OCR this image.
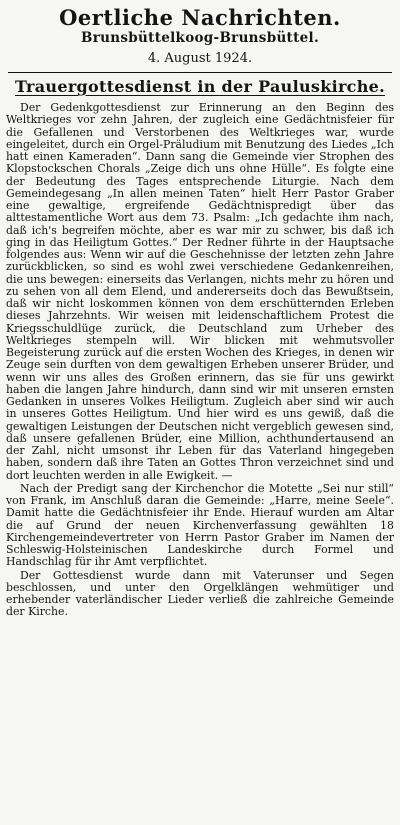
Oertliche Nachrichten.
Brunsbüttelkoog-Brunsbüttel.
4. August 1924.
Trauergottesdienst in der Pauluskirche.

Der Gedenkgottesdienst zur Erinnerung an den Beginn des Weltkrieges vor zehn Jahren, der zugleich eine Gedächtnisfeier für die Gefallenen und Verstorbenen des Weltkrieges war, wurde eingeleitet, durch ein Orgel-Präludium mit Benutzung des Liedes „Ich hatt einen Kameraden“. Dann sang die Gemeinde vier Strophen des Klopstockschen Chorals „Zeige dich uns ohne Hülle“. Es folgte eine der Bedeutung des Tages entsprechende Liturgie. Nach dem Gemeindegesang „In allen meinen Taten“ hielt Herr Pastor Graber eine gewaltige, ergreifende Gedächtnispredigt über das alttestamentliche Wort aus dem 73. Psalm: „Ich gedachte ihm nach, daß ich's begreifen möchte, aber es war mir zu schwer, bis daß ich ging in das Heiligtum Gottes.“ Der Redner führte in der Hauptsache folgendes aus: Wenn wir auf die Geschehnisse der letzten zehn Jahre zurückblicken, so sind es wohl zwei verschiedene Gedankenreihen, die uns bewegen: einerseits das Verlangen, nichts mehr zu hören und zu sehen von all dem Elend, und andererseits doch das Bewußtsein, daß wir nicht loskommen können von dem erschütternden Erleben dieses Jahrzehnts. Wir weisen mit leidenschaftlichem Protest die Kriegsschuldlüge zurück, die Deutschland zum Urheber des Weltkrieges stempeln will. Wir blicken mit wehmutsvoller Begeisterung zurück auf die ersten Wochen des Krieges, in denen wir Zeuge sein durften von dem gewaltigen Erheben unserer Brüder, und wenn wir uns alles des Großen erinnern, das sie für uns gewirkt haben die langen Jahre hindurch, dann sind wir mit unseren ernsten Gedanken in unseres Volkes Heiligtum. Zugleich aber sind wir auch in unseres Gottes Heiligtum. Und hier wird es uns gewiß, daß die gewaltigen Leistungen der Deutschen nicht vergeblich gewesen sind, daß unsere gefallenen Brüder, eine Million, achthundertausend an der Zahl, nicht umsonst ihr Leben für das Vaterland hingegeben haben, sondern daß ihre Taten an Gottes Thron verzeichnet sind und dort leuchten werden in alle Ewigkeit. —

Nach der Predigt sang der Kirchenchor die Motette „Sei nur still“ von Frank, im Anschluß daran die Gemeinde: „Harre, meine Seele“. Damit hatte die Gedächtnisfeier ihr Ende. Hierauf wurden am Altar die auf Grund der neuen Kirchenverfassung gewählten 18 Kirchengemeindevertreter von Herrn Pastor Graber im Namen der Schleswig-Holsteinischen Landeskirche durch Formel und Handschlag für ihr Amt verpflichtet.

Der Gottesdienst wurde dann mit Vaterunser und Segen beschlossen, und unter den Orgelklängen wehmütiger und erhebender vaterländischer Lieder verließ die zahlreiche Gemeinde der Kirche.
